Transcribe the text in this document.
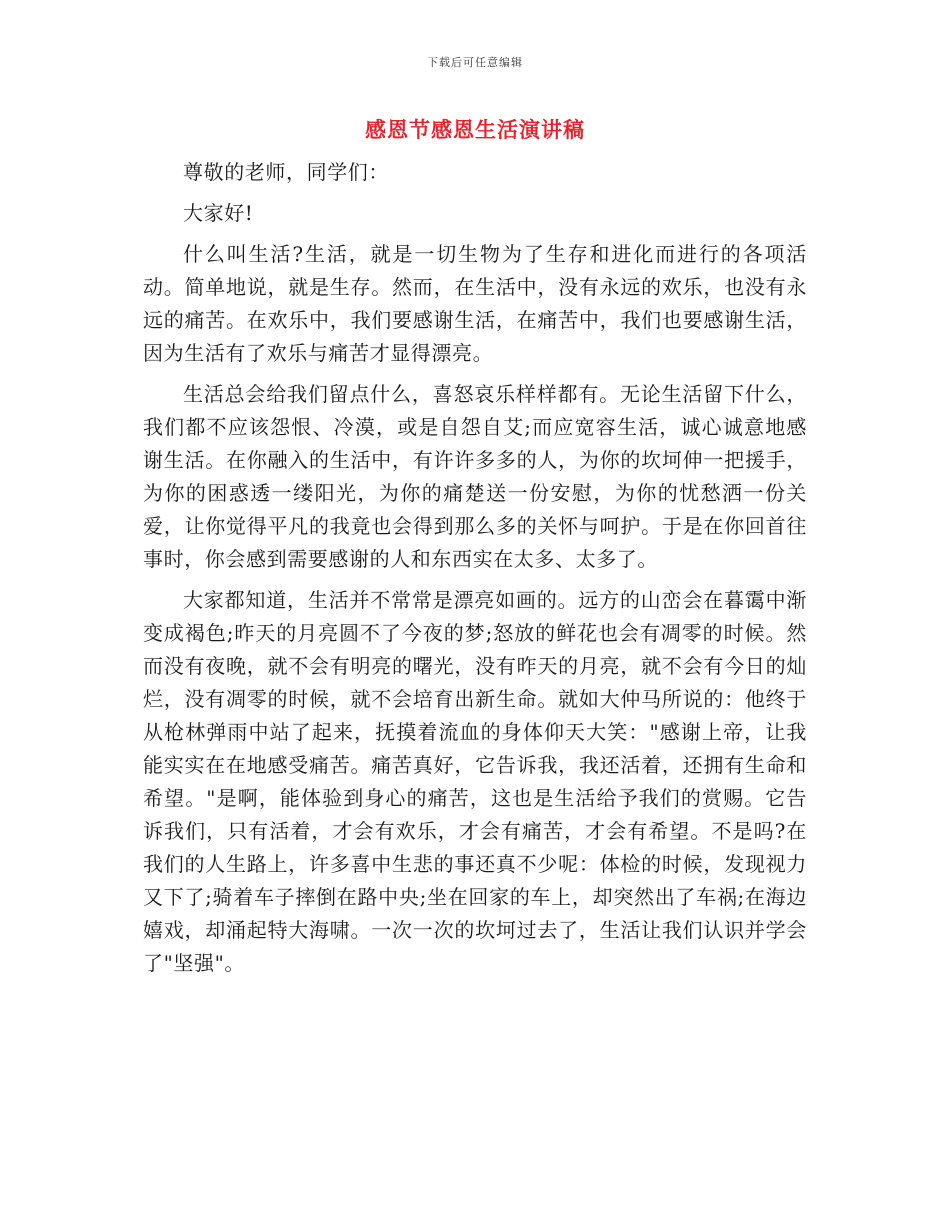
下载后可任意编辑
感恩节感恩生活演讲稿

尊敬的老师，同学们：

大家好!

什么叫生活?生活，就是一切生物为了生存和进化而进行的各项活动。简单地说，就是生存。然而，在生活中，没有永远的欢乐，也没有永远的痛苦。在欢乐中，我们要感谢生活，在痛苦中，我们也要感谢生活，因为生活有了欢乐与痛苦才显得漂亮。

生活总会给我们留点什么，喜怒哀乐样样都有。无论生活留下什么，我们都不应该怨恨、冷漠，或是自怨自艾;而应宽容生活，诚心诚意地感谢生活。在你融入的生活中，有许许多多的人，为你的坎坷伸一把援手，为你的困惑透一缕阳光，为你的痛楚送一份安慰，为你的忧愁洒一份关爱，让你觉得平凡的我竟也会得到那么多的关怀与呵护。于是在你回首往事时，你会感到需要感谢的人和东西实在太多、太多了。

大家都知道，生活并不常常是漂亮如画的。远方的山峦会在暮霭中渐变成褐色;昨天的月亮圆不了今夜的梦;怒放的鲜花也会有凋零的时候。然而没有夜晚，就不会有明亮的曙光，没有昨天的月亮，就不会有今日的灿烂，没有凋零的时候，就不会培育出新生命。就如大仲马所说的：他终于从枪林弹雨中站了起来，抚摸着流血的身体仰天大笑："感谢上帝，让我能实实在在地感受痛苦。痛苦真好，它告诉我，我还活着，还拥有生命和希望。"是啊，能体验到身心的痛苦，这也是生活给予我们的赏赐。它告诉我们，只有活着，才会有欢乐，才会有痛苦，才会有希望。不是吗?在我们的人生路上，许多喜中生悲的事还真不少呢：体检的时候，发现视力又下了;骑着车子摔倒在路中央;坐在回家的车上，却突然出了车祸;在海边嬉戏，却涌起特大海啸。一次一次的坎坷过去了，生活让我们认识并学会了"坚强"。
